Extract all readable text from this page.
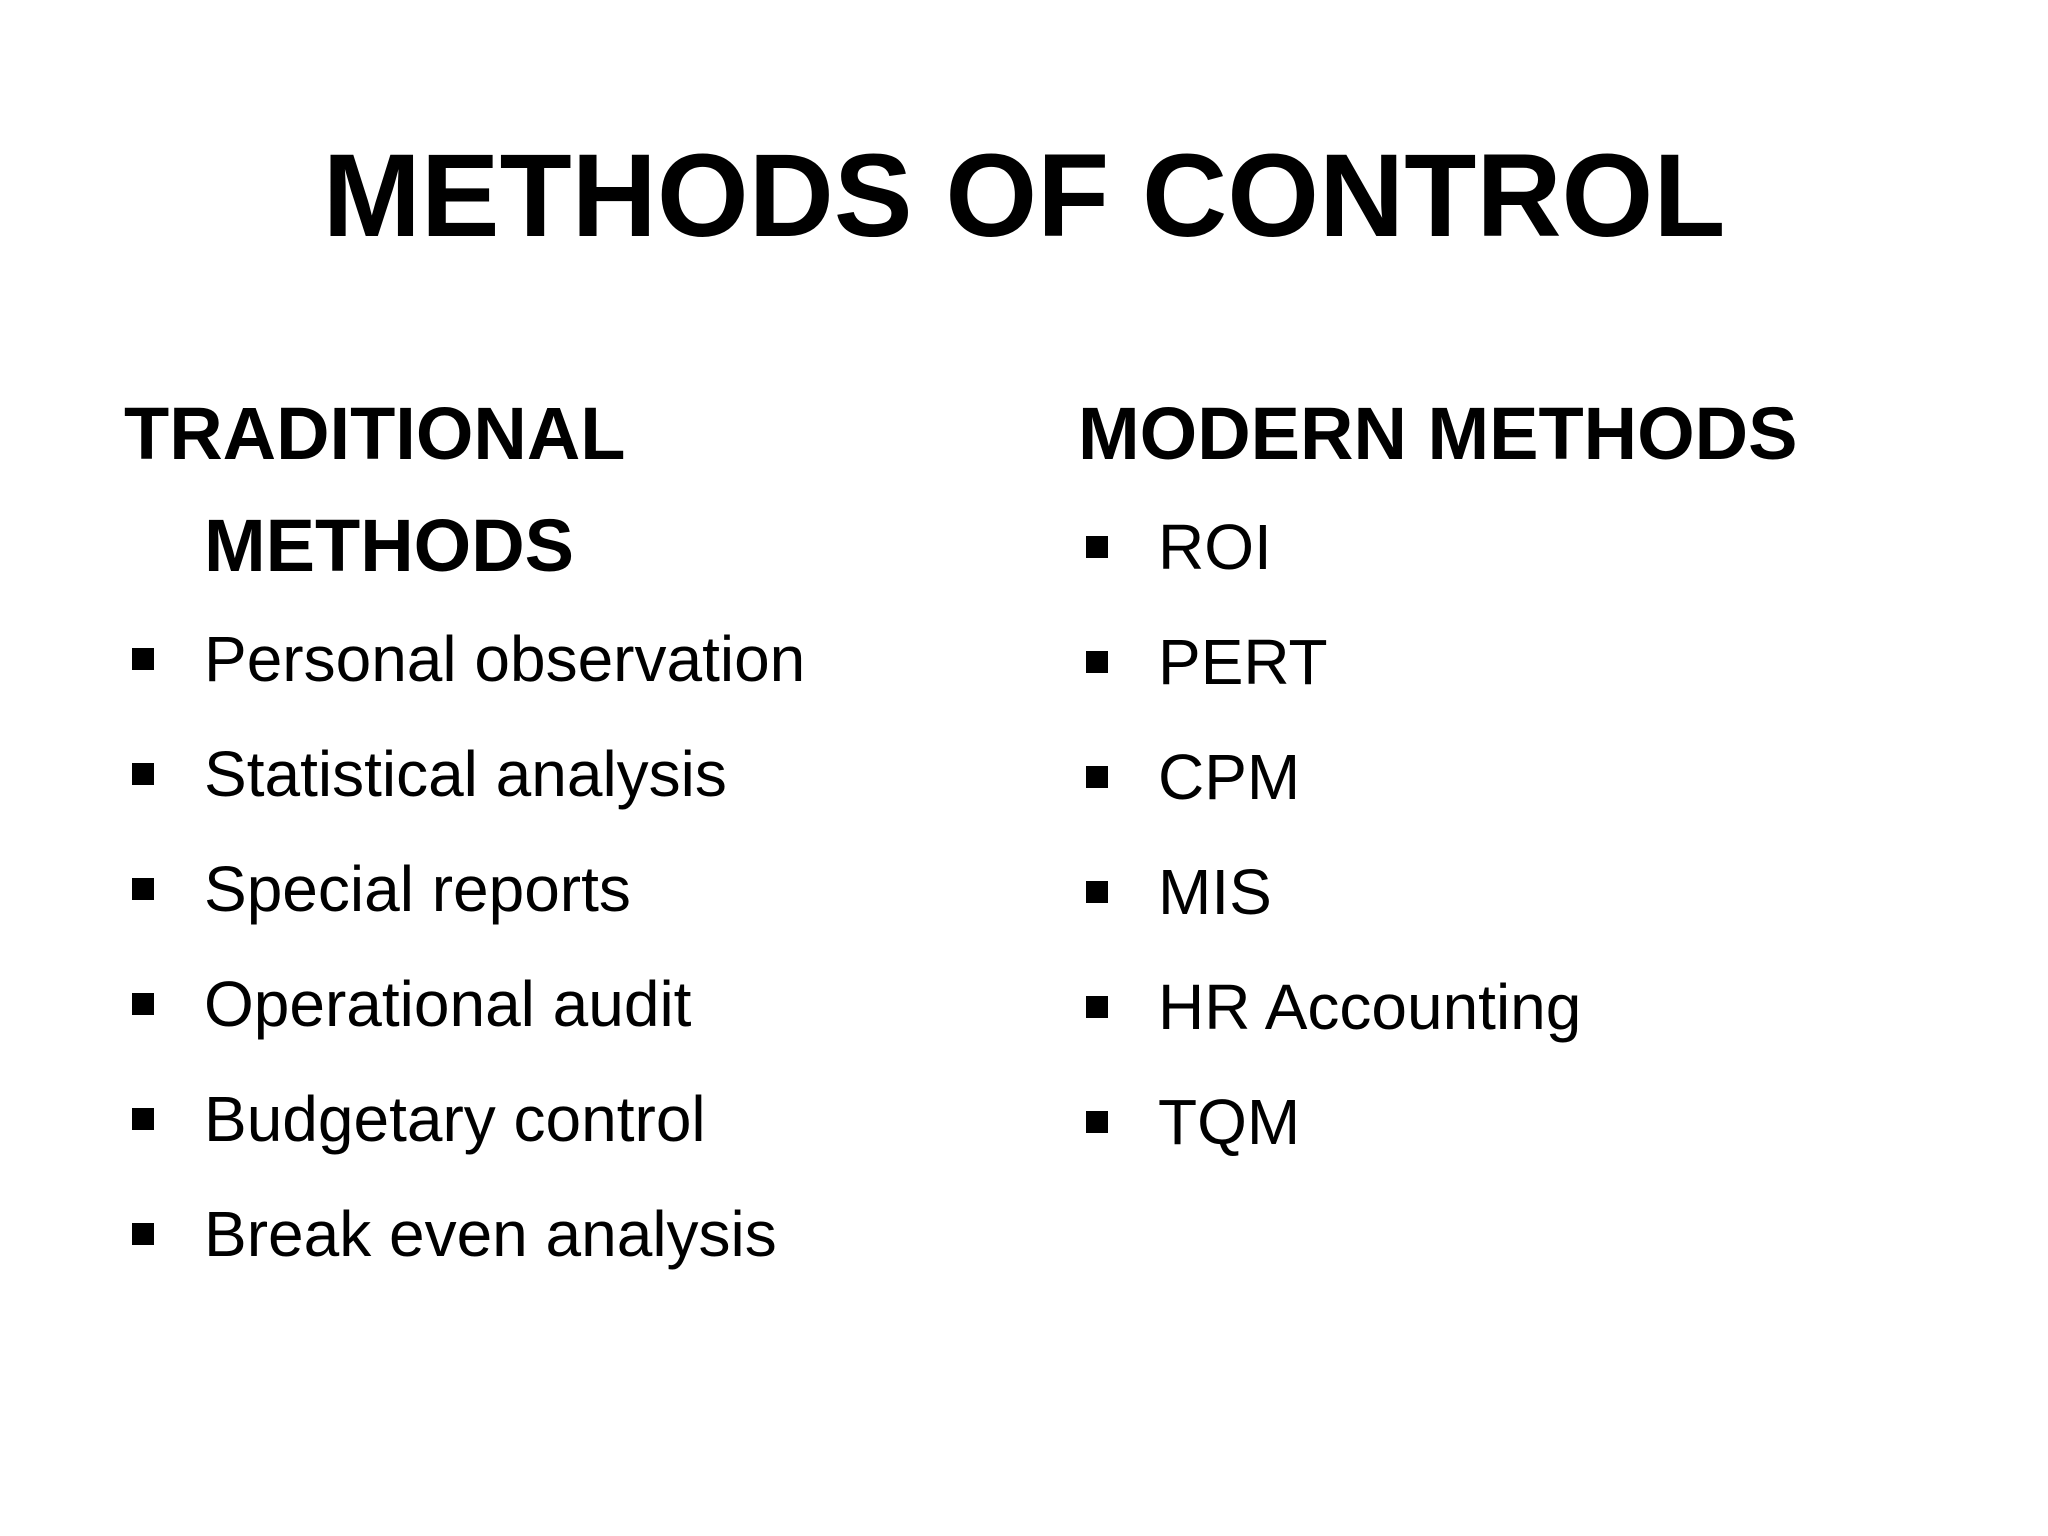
METHODS OF CONTROL
TRADITIONAL METHODS
Personal observation
Statistical analysis
Special reports
Operational audit
Budgetary control
Break even analysis
MODERN METHODS
ROI
PERT
CPM
MIS
HR Accounting
TQM
